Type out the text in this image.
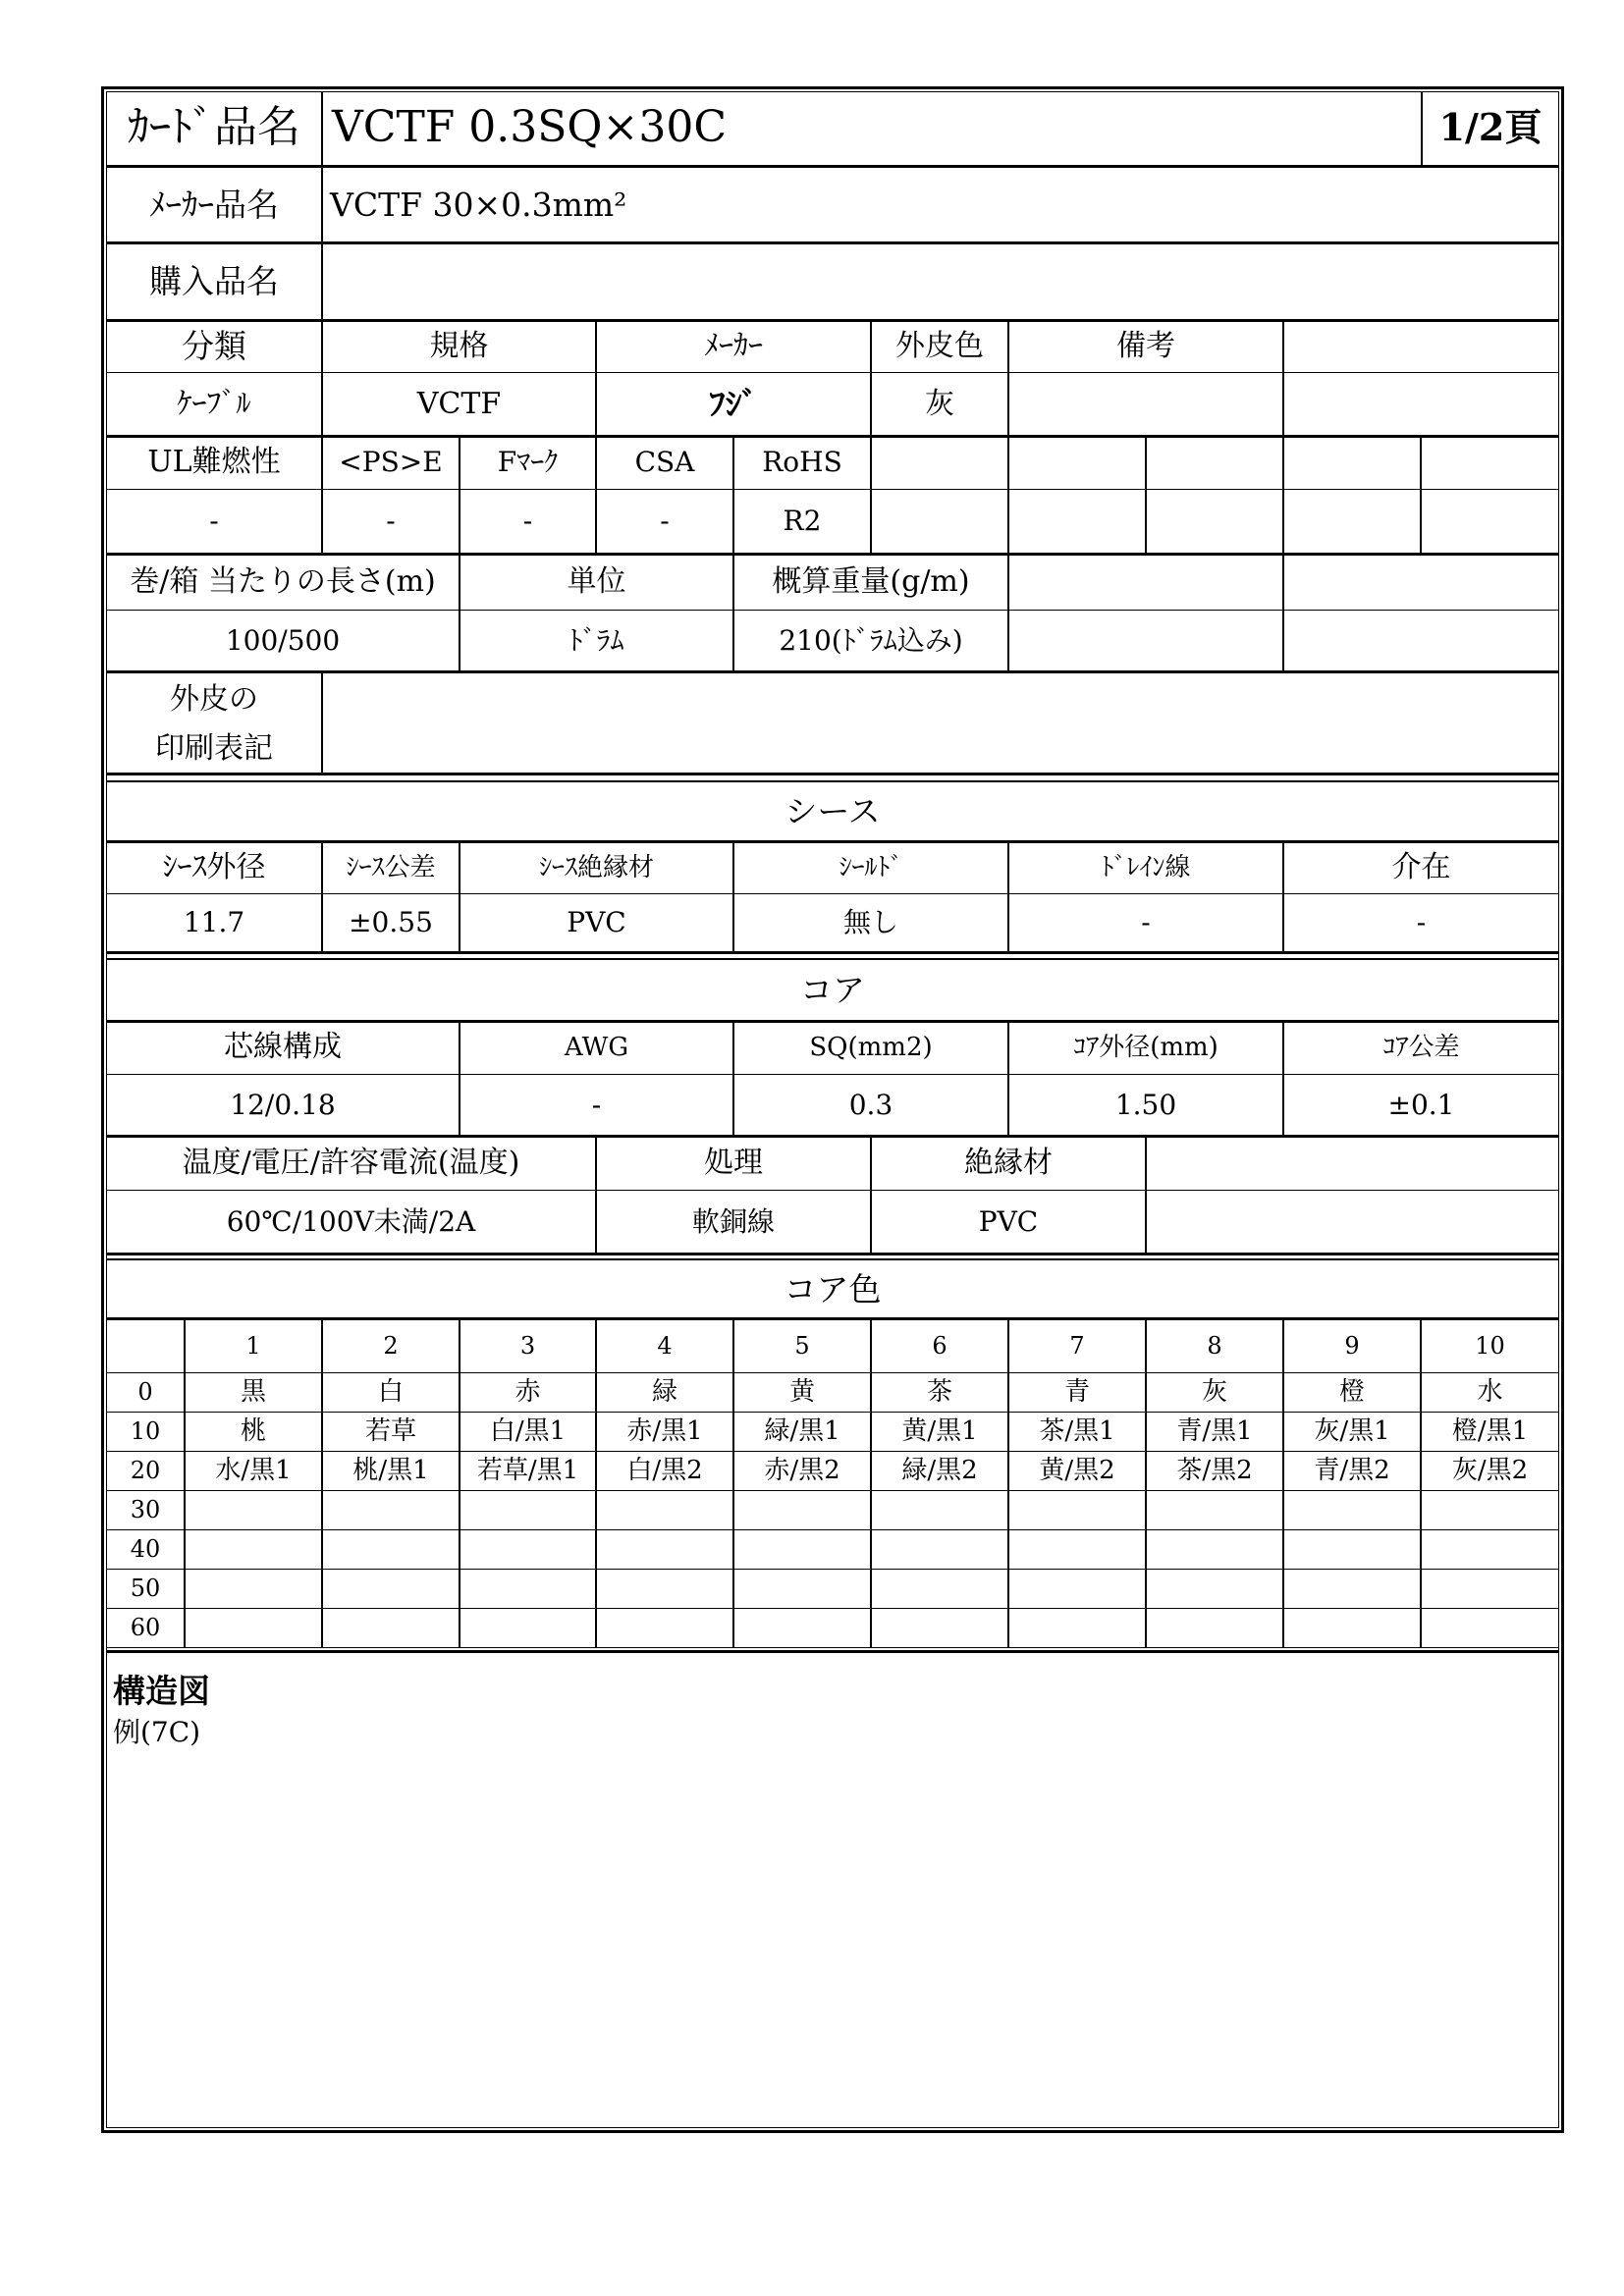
ｶｰﾄﾞ品名 VCTF 0.3SQ×30C	1/2頁
ﾒｰｶｰ品名	VCTF 30×0.3mm²
購入品名
分類	規格	ﾒｰｶｰ	外皮色	備考
ｹｰﾌﾞﾙ	VCTF	ﾌｼﾞ	灰
UL難燃性	<PS>E	Fﾏｰｸ	CSA	RoHS
-	-	-	-	R2
巻/箱 当たりの長さ(m)	単位	概算重量(g/m)
100/500	ﾄﾞﾗﾑ	210(ﾄﾞﾗﾑ込み)
外皮の
印刷表記
シース
ｼｰｽ外径	ｼｰｽ公差	ｼｰｽ絶縁材	ｼｰﾙﾄﾞ	ﾄﾞﾚｲﾝ線	介在
11.7	±0.55	PVC	無し	-	-
コア
芯線構成	AWG	SQ(mm2)	ｺｱ外径(mm)	ｺｱ公差
12/0.18	-	0.3	1.50	±0.1
温度/電圧/許容電流(温度)	処理	絶縁材
60℃/100V未満/2A	軟銅線	PVC
コア色
1	2	3	4	5	6	7	8	9	10
0	黒	白	赤	緑	黄	茶	青	灰	橙	水
10	桃	若草	白/黒1	赤/黒1	緑/黒1	黄/黒1	茶/黒1	青/黒1	灰/黒1	橙/黒1
20	水/黒1	桃/黒1	若草/黒1	白/黒2	赤/黒2	緑/黒2	黄/黒2	茶/黒2	青/黒2	灰/黒2
30
40
50
60
構造図
例(7C)
